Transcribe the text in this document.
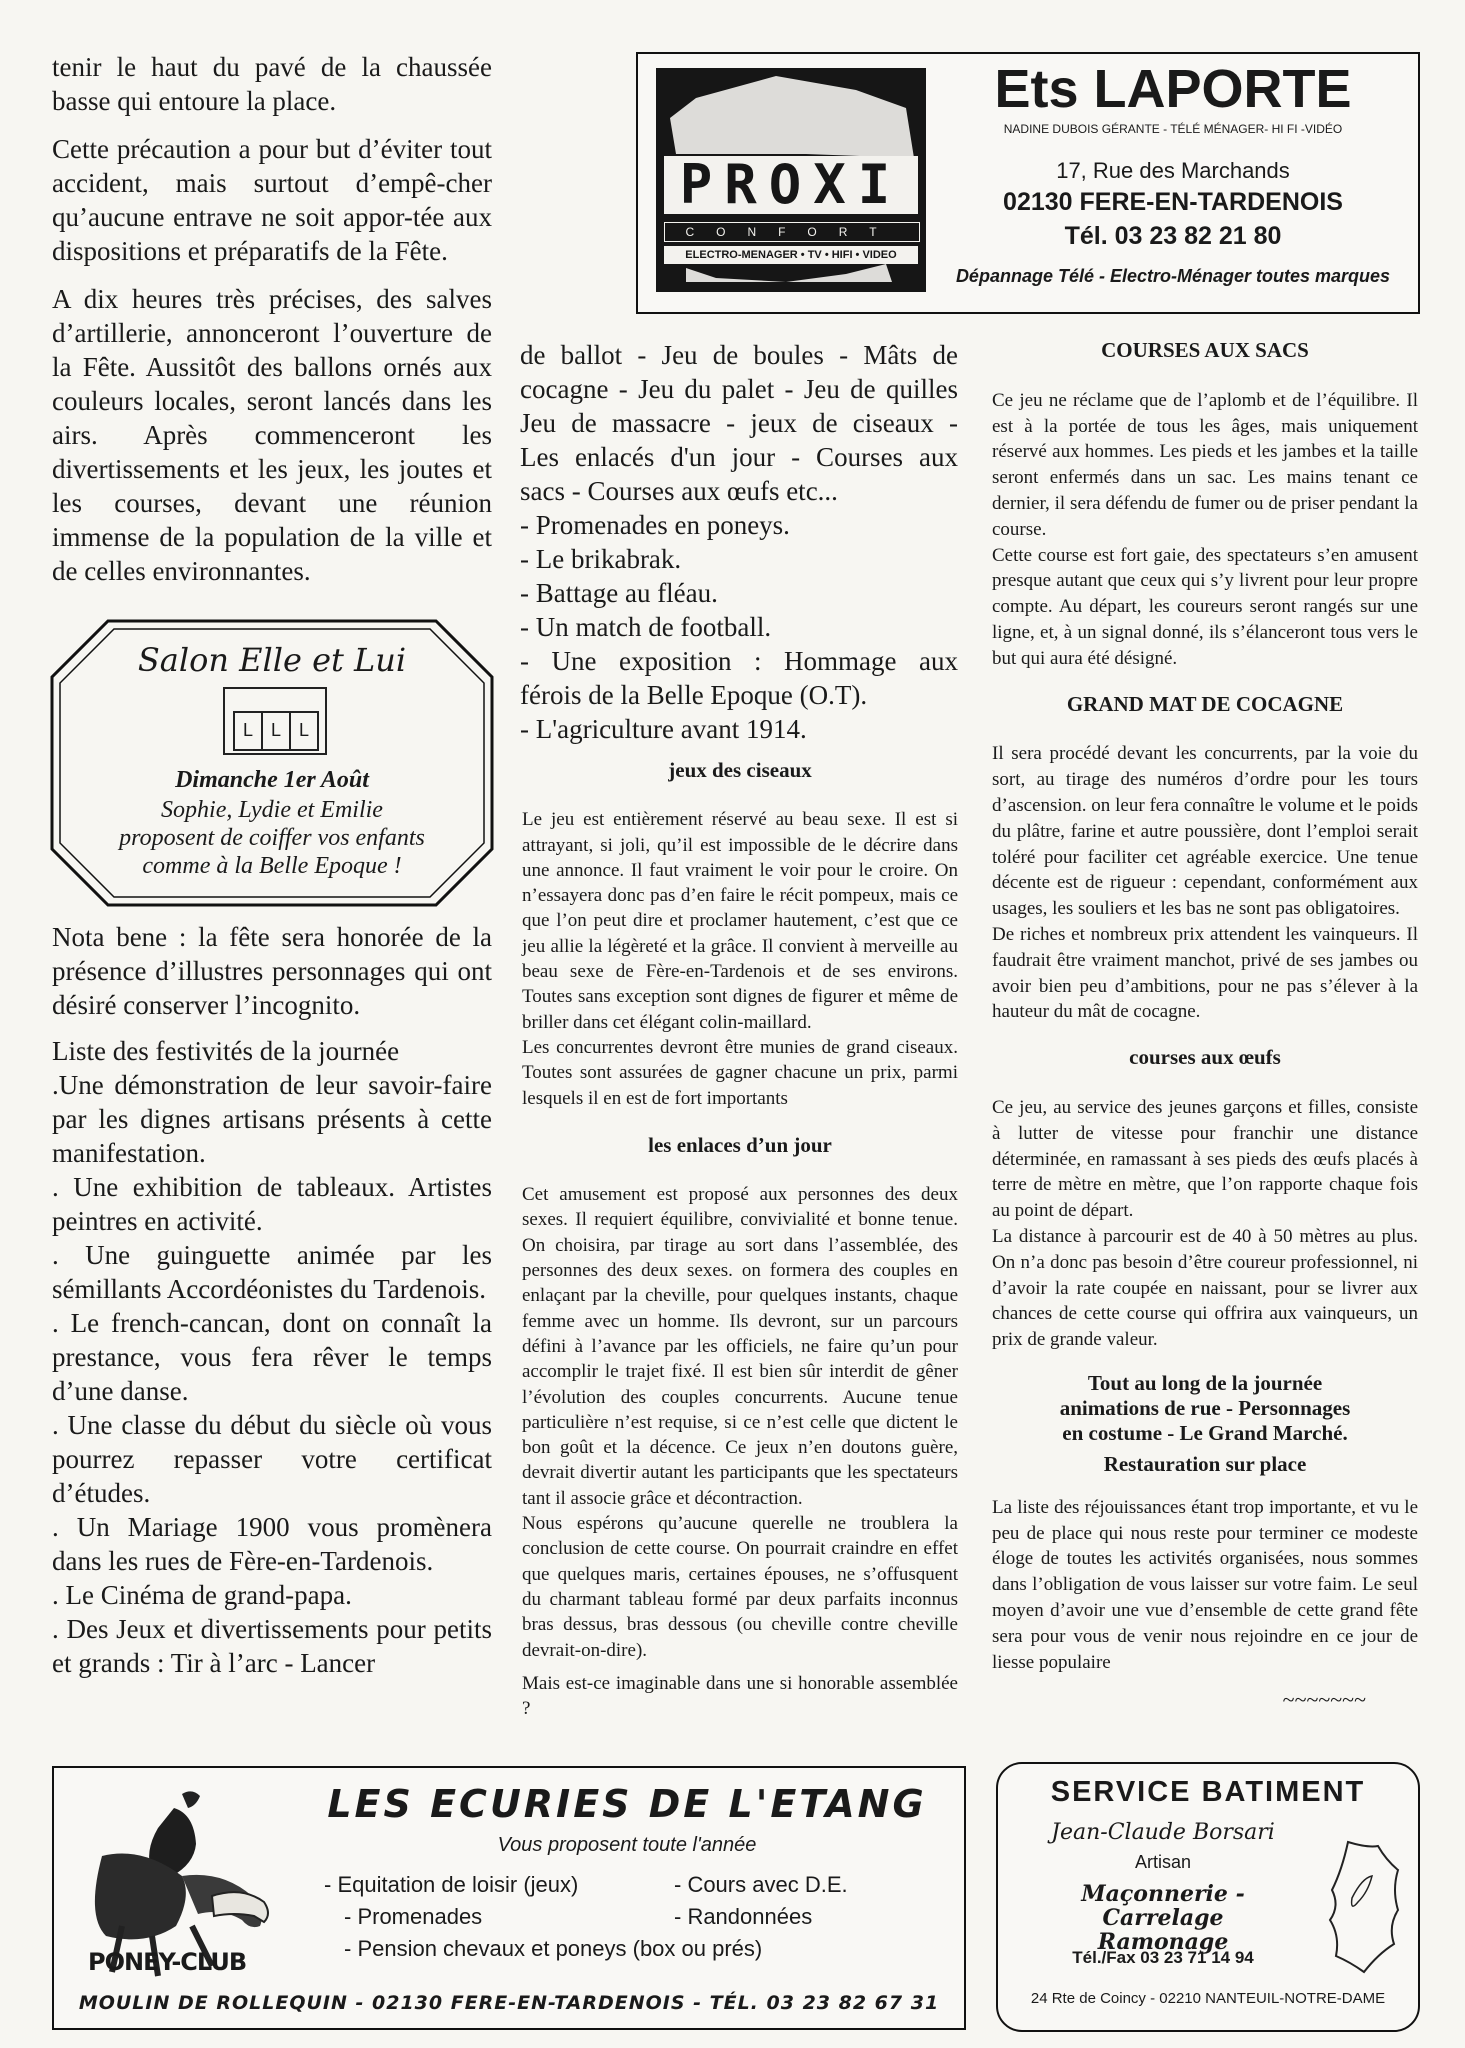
tenir le haut du pavé de la chaussée basse qui entoure la place.

Cette précaution a pour but d’éviter tout accident, mais surtout d’empê-cher qu’aucune entrave ne soit appor-tée aux dispositions et préparatifs de la Fête.

A dix heures très précises, des salves d’artillerie, annonceront l’ouverture de la Fête. Aussitôt des ballons ornés aux couleurs locales, seront lancés dans les airs. Après commenceront les divertissements et les jeux, les joutes et les courses, devant une réunion immense de la population de la ville et de celles environnantes.

Salon Elle et Lui
L L L
Dimanche 1er Août
Sophie, Lydie et Emilie
proposent de coiffer vos enfants
comme à la Belle Epoque !

Nota bene : la fête sera honorée de la présence d’illustres personnages qui ont désiré conserver l’incognito.

Liste des festivités de la journée
.Une démonstration de leur savoir-faire par les dignes artisans présents à cette manifestation.
. Une exhibition de tableaux. Artistes peintres en activité.
. Une guinguette animée par les sémillants Accordéonistes du Tardenois.
. Le french-cancan, dont on connaît la prestance, vous fera rêver le temps d’une danse.
. Une classe du début du siècle où vous pourrez repasser votre certificat d’études.
. Un Mariage 1900 vous promènera dans les rues de Fère-en-Tardenois.
. Le Cinéma de grand-papa.
. Des Jeux et divertissements pour petits et grands : Tir à l’arc - Lancer

PROXI
CONFORT
ELECTRO-MENAGER • TV • HIFI • VIDEO
Ets LAPORTE
NADINE DUBOIS GÉRANTE - TÉLÉ MÉNAGER- HI FI -VIDÉO
17, Rue des Marchands
02130 FERE-EN-TARDENOIS
Tél. 03 23 82 21 80
Dépannage Télé - Electro-Ménager toutes marques
de ballot - Jeu de boules - Mâts de
cocagne - Jeu du palet - Jeu de quilles
Jeu de massacre - jeux de ciseaux -
Les enlacés d'un jour - Courses aux
sacs - Courses aux œufs etc...
- Promenades en poneys.
- Le brikabrak.
- Battage au fléau.
- Un match de football.
- Une exposition : Hommage aux
férois de la Belle Epoque (O.T).
- L'agriculture avant 1914.
jeux des ciseaux

Le jeu est entièrement réservé au beau sexe. Il est si attrayant, si joli, qu’il est impossible de le décrire dans une annonce. Il faut vraiment le voir pour le croire. On n’essayera donc pas d’en faire le récit pompeux, mais ce que l’on peut dire et proclamer hautement, c’est que ce jeu allie la légèreté et la grâce. Il convient à merveille au beau sexe de Fère-en-Tardenois et de ses environs. Toutes sans exception sont dignes de figurer et même de briller dans cet élégant colin-maillard.

Les concurrentes devront être munies de grand ciseaux. Toutes sont assurées de gagner chacune un prix, parmi lesquels il en est de fort importants

les enlaces d’un jour

Cet amusement est proposé aux personnes des deux sexes. Il requiert équilibre, convivialité et bonne tenue. On choisira, par tirage au sort dans l’assemblée, des personnes des deux sexes. on formera des couples en enlaçant par la cheville, pour quelques instants, chaque femme avec un homme. Ils devront, sur un parcours défini à l’avance par les officiels, ne faire qu’un pour accomplir le trajet fixé. Il est bien sûr interdit de gêner l’évolution des couples concurrents. Aucune tenue particulière n’est requise, si ce n’est celle que dictent le bon goût et la décence. Ce jeux n’en doutons guère, devrait divertir autant les participants que les spectateurs tant il associe grâce et décontraction.

Nous espérons qu’aucune querelle ne troublera la conclusion de cette course. On pourrait craindre en effet que quelques maris, certaines épouses, ne s’offusquent du charmant tableau formé par deux parfaits inconnus bras dessus, bras dessous (ou cheville contre cheville devrait-on-dire).

Mais est-ce imaginable dans une si honorable assemblée ?

COURSES AUX SACS

Ce jeu ne réclame que de l’aplomb et de l’équilibre. Il est à la portée de tous les âges, mais uniquement réservé aux hommes. Les pieds et les jambes et la taille seront enfermés dans un sac. Les mains tenant ce dernier, il sera défendu de fumer ou de priser pendant la course.

Cette course est fort gaie, des spectateurs s’en amusent presque autant que ceux qui s’y livrent pour leur propre compte. Au départ, les coureurs seront rangés sur une ligne, et, à un signal donné, ils s’élanceront tous vers le but qui aura été désigné.

GRAND MAT DE COCAGNE

Il sera procédé devant les concurrents, par la voie du sort, au tirage des numéros d’ordre pour les tours d’ascension. on leur fera connaître le volume et le poids du plâtre, farine et autre poussière, dont l’emploi serait toléré pour faciliter cet agréable exercice. Une tenue décente est de rigueur : cependant, conformément aux usages, les souliers et les bas ne sont pas obligatoires.

De riches et nombreux prix attendent les vainqueurs. Il faudrait être vraiment manchot, privé de ses jambes ou avoir bien peu d’ambitions, pour ne pas s’élever à la hauteur du mât de cocagne.

courses aux œufs

Ce jeu, au service des jeunes garçons et filles, consiste à lutter de vitesse pour franchir une distance déterminée, en ramassant à ses pieds des œufs placés à terre de mètre en mètre, que l’on rapporte chaque fois au point de départ.

La distance à parcourir est de 40 à 50 mètres au plus. On n’a donc pas besoin d’être coureur professionnel, ni d’avoir la rate coupée en naissant, pour se livrer aux chances de cette course qui offrira aux vainqueurs, un prix de grande valeur.

Tout au long de la journée
animations de rue - Personnages
en costume - Le Grand Marché.
Restauration sur place

La liste des réjouissances étant trop importante, et vu le peu de place qui nous reste pour terminer ce modeste éloge de toutes les activités organisées, nous sommes dans l’obligation de vous laisser sur votre faim. Le seul moyen d’avoir une vue d’ensemble de cette grand fête sera pour vous de venir nous rejoindre en ce jour de liesse populaire

~~~~~~~
LES ECURIES DE L'ETANG
Vous proposent toute l'année
- Equitation de loisir (jeux)
- Promenades
- Pension chevaux et poneys (box ou prés)
- Cours avec D.E.
- Randonnées
PONEY-CLUB
MOULIN DE ROLLEQUIN - 02130 FERE-EN-TARDENOIS - TÉL. 03 23 82 67 31
SERVICE BATIMENT
Jean-Claude Borsari
Artisan
Maçonnerie - Carrelage
Ramonage
Tél./Fax 03 23 71 14 94
24 Rte de Coincy - 02210 NANTEUIL-NOTRE-DAME
